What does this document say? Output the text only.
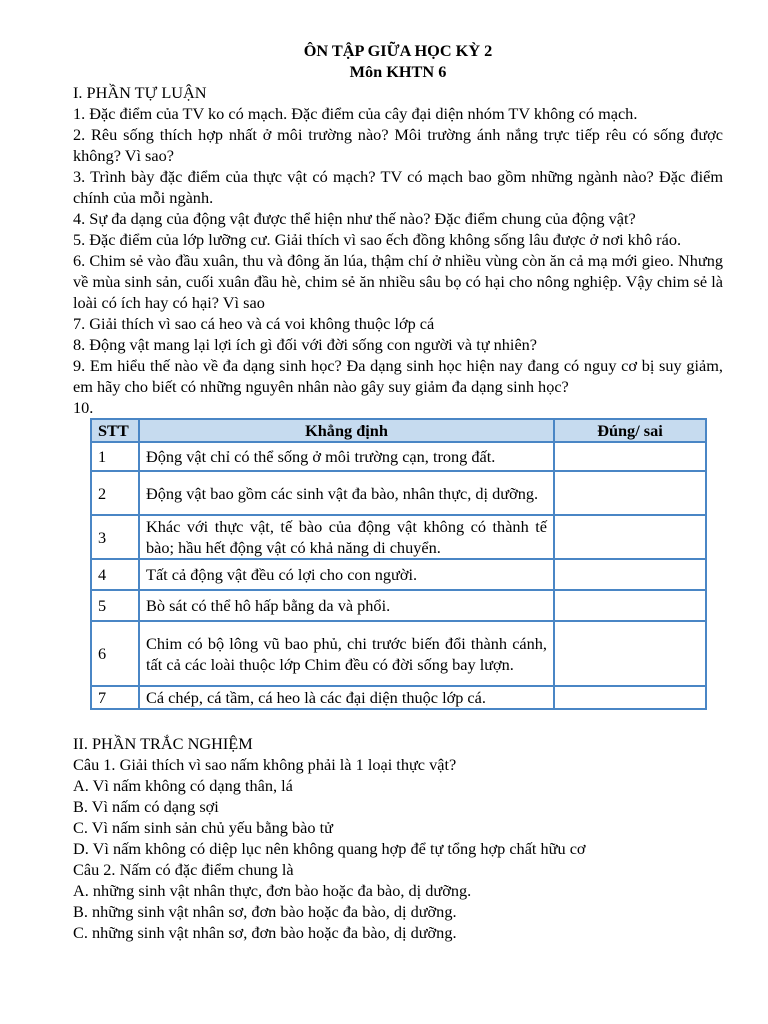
ÔN TẬP GIỮA HỌC KỲ 2
Môn KHTN 6

I. PHẦN TỰ LUẬN

1. Đặc điểm của TV ko có mạch. Đặc điểm của cây đại diện nhóm TV không có mạch.

2. Rêu sống thích hợp nhất ở môi trường nào? Môi trường ánh nắng trực tiếp rêu có sống được không? Vì sao?

3. Trình bày đặc điểm của thực vật có mạch? TV có mạch bao gồm những ngành nào? Đặc điểm chính của mỗi ngành.

4. Sự đa dạng của động vật được thể hiện như thế nào? Đặc điểm chung của động vật?

5. Đặc điểm của lớp lưỡng cư. Giải thích vì sao ếch đồng không sống lâu được ở nơi khô ráo.

6. Chim sẻ vào đầu xuân, thu và đông ăn lúa, thậm chí ở nhiều vùng còn ăn cả mạ mới gieo. Nhưng về mùa sinh sản, cuối xuân đầu hè, chim sẻ ăn nhiều sâu bọ có hại cho nông nghiệp. Vậy chim sẻ là loài có ích hay có hại? Vì sao

7. Giải thích vì sao cá heo và cá voi không thuộc lớp cá

8. Động vật mang lại lợi ích gì đối với đời sống con người và tự nhiên?

9. Em hiểu thế nào về đa dạng sinh học? Đa dạng sinh học hiện nay đang có nguy cơ bị suy giảm, em hãy cho biết có những nguyên nhân nào gây suy giảm đa dạng sinh học?

10.

STT	Khẳng định	Đúng/ sai
1	Động vật chỉ có thể sống ở môi trường cạn, trong đất.	
2	Động vật bao gồm các sinh vật đa bào, nhân thực, dị dưỡng.	
3	Khác với thực vật, tế bào của động vật không có thành tế bào; hầu hết động vật có khả năng di chuyển.	
4	Tất cả động vật đều có lợi cho con người.	
5	Bò sát có thể hô hấp bằng da và phổi.	
6	Chim có bộ lông vũ bao phủ, chi trước biến đổi thành cánh, tất cả các loài thuộc lớp Chim đều có đời sống bay lượn.	
7	Cá chép, cá tầm, cá heo là các đại diện thuộc lớp cá.	

II. PHẦN TRẮC NGHIỆM

Câu 1. Giải thích vì sao nấm không phải là 1 loại thực vật?

A. Vì nấm không có dạng thân, lá

B. Vì nấm có dạng sợi

C. Vì nấm sinh sản chủ yếu bằng bào tử

D. Vì nấm không có diệp lục nên không quang hợp để tự tổng hợp chất hữu cơ

Câu 2. Nấm có đặc điểm chung là

A. những sinh vật nhân thực, đơn bào hoặc đa bào, dị dưỡng.

B. những sinh vật nhân sơ, đơn bào hoặc đa bào, dị dưỡng.

C. những sinh vật nhân sơ, đơn bào hoặc đa bào, dị dưỡng.
